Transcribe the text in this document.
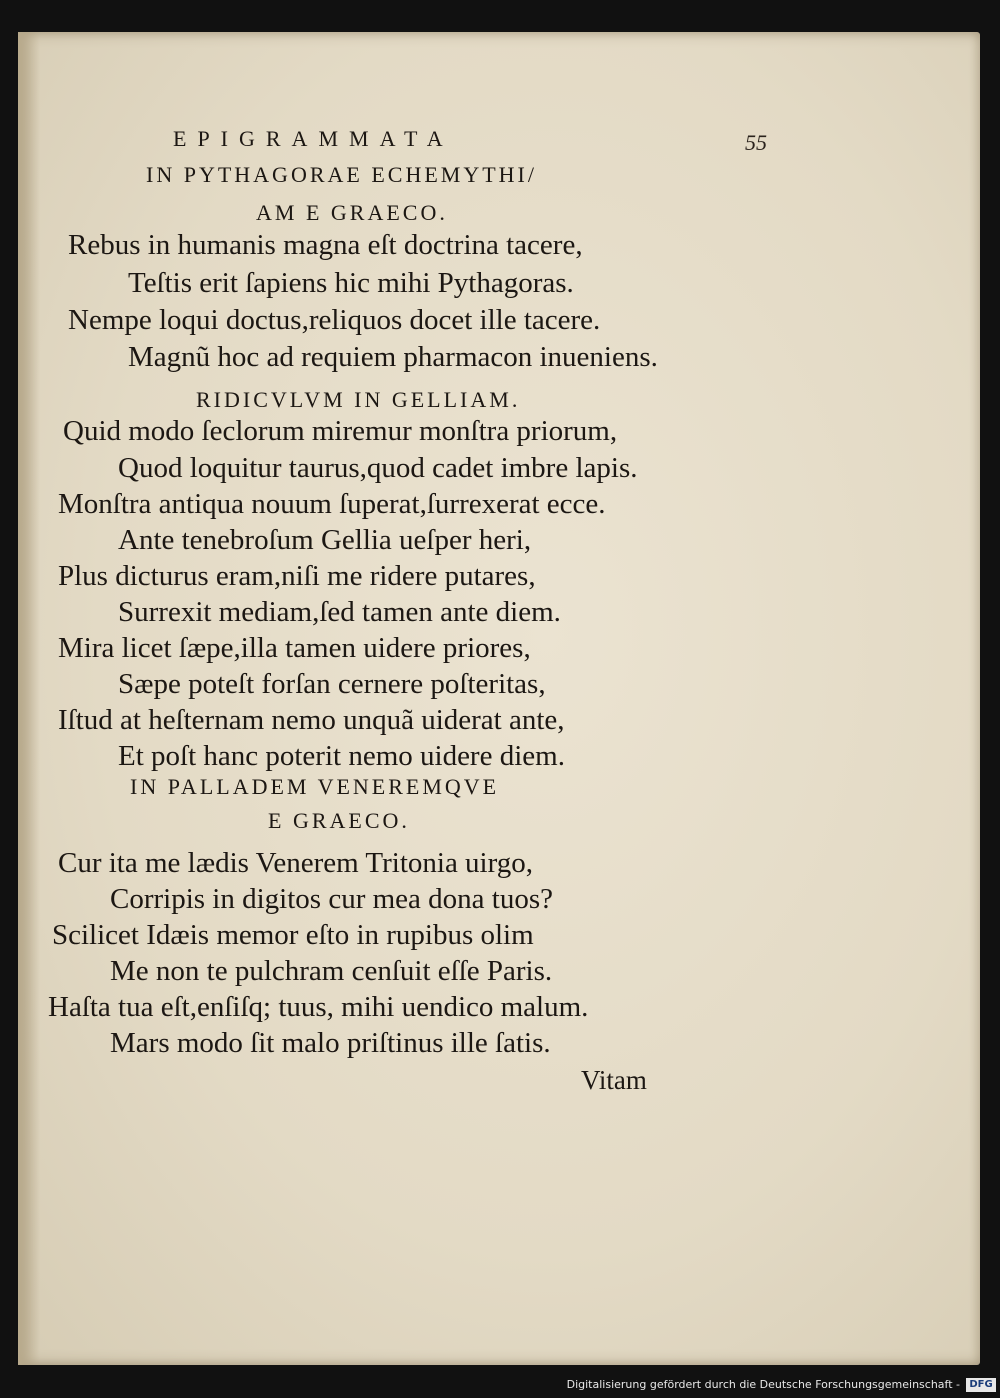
EPIGRAMMATA	55
IN PYTHAGORAE ECHEMYTHI/
AM E GRAECO.
Rebus in humanis magna eſt doctrina tacere,
Teſtis erit ſapiens hic mihi Pythagoras.
Nempe loqui doctus,reliquos docet ille tacere.
Magnũ hoc ad requiem pharmacon inueniens.
RIDICVLVM IN GELLIAM.
Quid modo ſeclorum miremur monſtra priorum,
Quod loquitur taurus,quod cadet imbre lapis.
Monſtra antiqua nouum ſuperat,ſurrexerat ecce.
Ante tenebroſum Gellia ueſper heri,
Plus dicturus eram,niſi me ridere putares,
Surrexit mediam,ſed tamen ante diem.
Mira licet ſæpe,illa tamen uidere priores,
Sæpe poteſt forſan cernere poſteritas,
Iſtud at heſternam nemo unquã uiderat ante,
Et poſt hanc poterit nemo uidere diem.
IN PALLADEM VENEREMQVE
E GRAECO.
Cur ita me lædis Venerem Tritonia uirgo,
Corripis in digitos cur mea dona tuos?
Scilicet Idæis memor eſto in rupibus olim
Me non te pulchram cenſuit eſſe Paris.
Haſta tua eſt,enſiſq; tuus, mihi uendico malum.
Mars modo ſit malo priſtinus ille ſatis.
Vitam
Digitalisierung gefördert durch die Deutsche Forschungsgemeinschaft - DFG
